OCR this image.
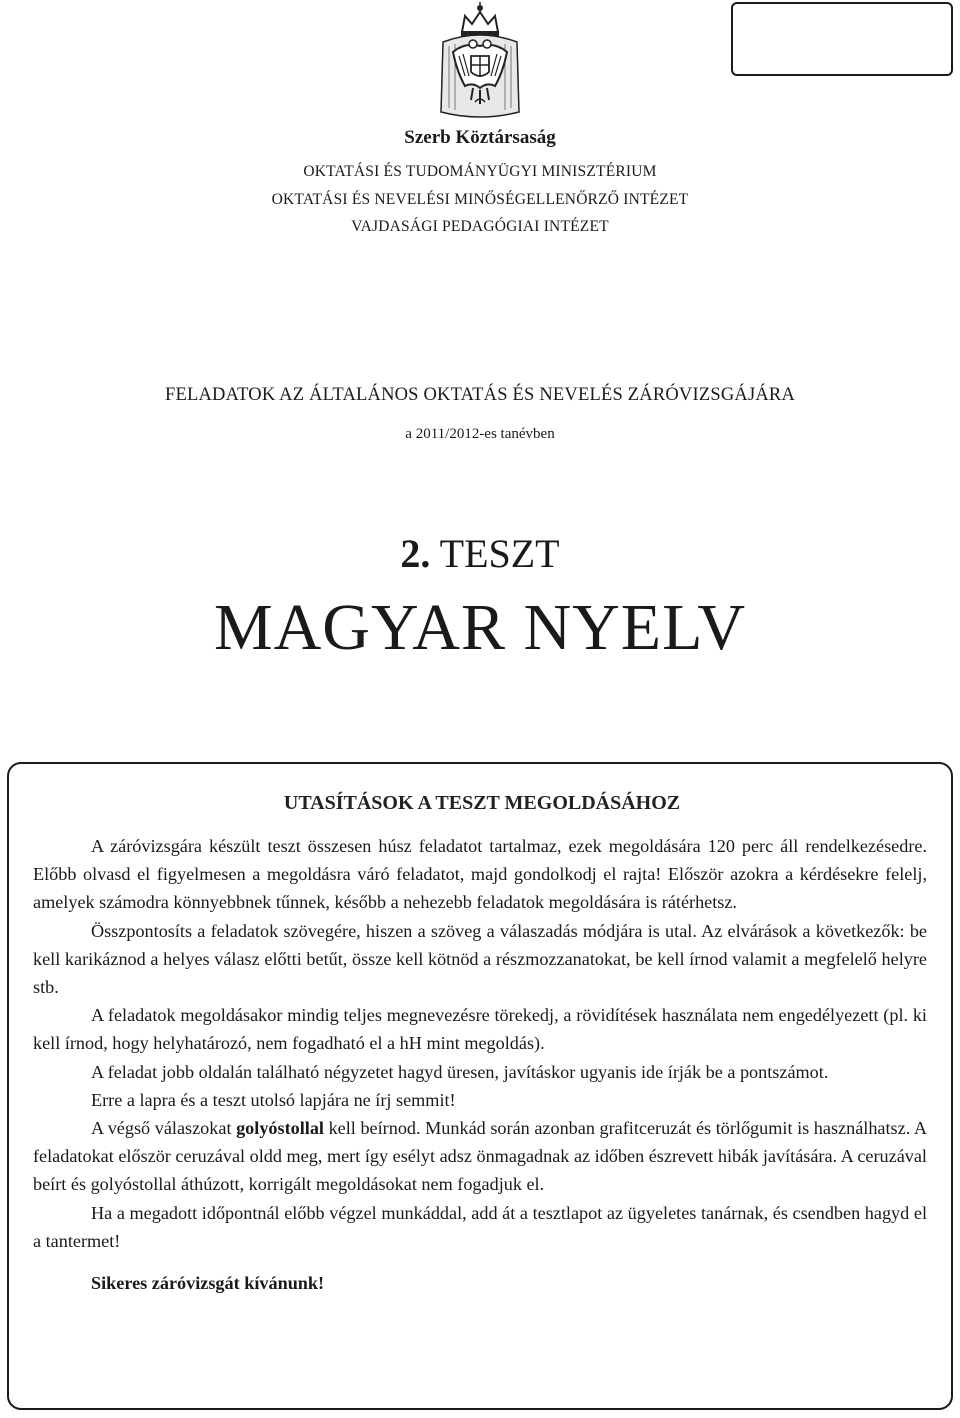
Szerb Köztársaság
OKTATÁSI ÉS TUDOMÁNYÜGYI MINISZTÉRIUM
OKTATÁSI ÉS NEVELÉSI MINŐSÉGELLENŐRZŐ INTÉZET
VAJDASÁGI PEDAGÓGIAI INTÉZET
FELADATOK AZ ÁLTALÁNOS OKTATÁS ÉS NEVELÉS ZÁRÓVIZSGÁJÁRA
a 2011/2012-es tanévben
2. TESZT
MAGYAR NYELV
UTASÍTÁSOK A TESZT MEGOLDÁSÁHOZ

A záróvizsgára készült teszt összesen húsz feladatot tartalmaz, ezek megoldására 120 perc áll rendelkezésedre. Előbb olvasd el figyelmesen a megoldásra váró feladatot, majd gondolkodj el rajta! Először azokra a kérdésekre felelj, amelyek számodra könnyebbnek tűnnek, később a nehezebb feladatok megoldására is rátérhetsz.

Összpontosíts a feladatok szövegére, hiszen a szöveg a válaszadás módjára is utal. Az elvárások a következők: be kell karikáznod a helyes válasz előtti betűt, össze kell kötnöd a részmozzanatokat, be kell írnod valamit a megfelelő helyre stb.

A feladatok megoldásakor mindig teljes megnevezésre törekedj, a rövidítések használata nem engedélyezett (pl. ki kell írnod, hogy helyhatározó, nem fogadható el a hH mint megoldás).

A feladat jobb oldalán található négyzetet hagyd üresen, javításkor ugyanis ide írják be a pontszámot.

Erre a lapra és a teszt utolsó lapjára ne írj semmit!

A végső válaszokat golyóstollal kell beírnod. Munkád során azonban grafitceruzát és törlőgumit is használhatsz. A feladatokat először ceruzával oldd meg, mert így esélyt adsz önmagadnak az időben észrevett hibák javítására. A ceruzával beírt és golyóstollal áthúzott, korrigált megoldásokat nem fogadjuk el.

Ha a megadott időpontnál előbb végzel munkáddal, add át a tesztlapot az ügyeletes tanárnak, és csendben hagyd el a tantermet!

Sikeres záróvizsgát kívánunk!
